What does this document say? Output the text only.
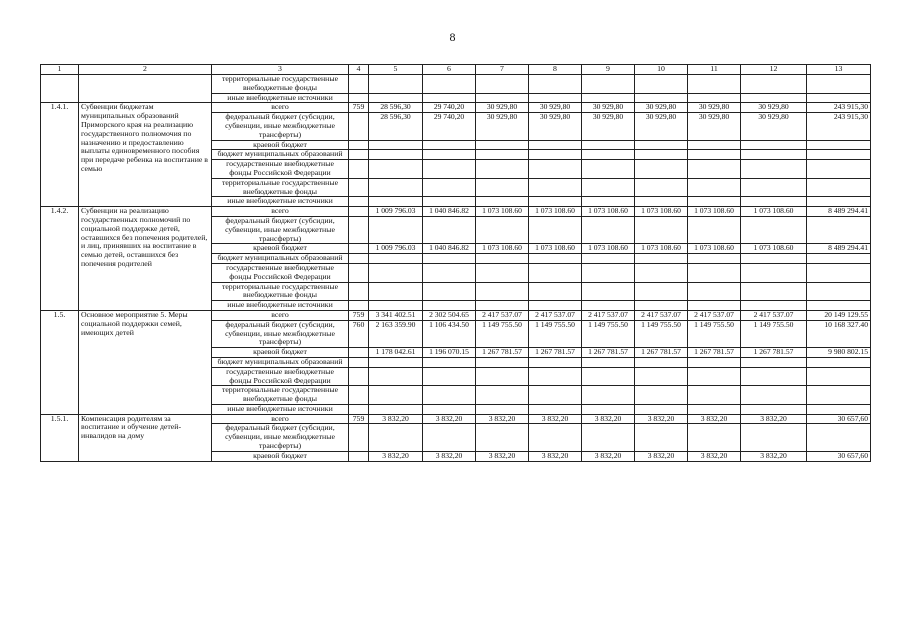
8
1	2	3	4	5	6	7	8	9	10	11	12	13
		территориальные государственные внебюджетные фонды										
		иные внебюджетные источники										
1.4.1.	Субвенции бюджетам муниципальных образований Приморского края на реализацию государственного полномочия по назначению и предоставлению выплаты единовременного пособия при передаче ребенка на воспитание в семью	всего	759	28 596,30	29 740,20	30 929,80	30 929,80	30 929,80	30 929,80	30 929,80	30 929,80	243 915,30
		федеральный бюджет (субсидии, субвенции, иные межбюджетные трансферты)		28 596,30	29 740,20	30 929,80	30 929,80	30 929,80	30 929,80	30 929,80	30 929,80	243 915,30
		краевой бюджет										
		бюджет муниципальных образований										
		государственные внебюджетные фонды Российской Федерации										
		территориальные государственные внебюджетные фонды										
		иные внебюджетные источники										
1.4.2.	Субвенции на реализацию государственных полномочий по социальной поддержке детей, оставшихся без попечения родителей, и лиц, принявших на воспитание в семью детей, оставшихся без попечения родителей	всего		1 009 796.03	1 040 846.82	1 073 108.60	1 073 108.60	1 073 108.60	1 073 108.60	1 073 108.60	1 073 108.60	8 489 294.41
		федеральный бюджет (субсидии, субвенции, иные межбюджетные трансферты)										
		краевой бюджет		1 009 796.03	1 040 846.82	1 073 108.60	1 073 108.60	1 073 108.60	1 073 108.60	1 073 108.60	1 073 108.60	8 489 294.41
		бюджет муниципальных образований										
		государственные внебюджетные фонды Российской Федерации										
		территориальные государственные внебюджетные фонды										
		иные внебюджетные источники										
1.5.	Основное мероприятие 5. Меры социальной поддержки семей, имеющих детей	всего	759	3 341 402.51	2 302 504.65	2 417 537.07	2 417 537.07	2 417 537.07	2 417 537.07	2 417 537.07	2 417 537.07	20 149 129.55
		федеральный бюджет (субсидии, субвенции, иные межбюджетные трансферты)	760	2 163 359.90	1 106 434.50	1 149 755.50	1 149 755.50	1 149 755.50	1 149 755.50	1 149 755.50	1 149 755.50	10 168 327.40
		краевой бюджет		1 178 042.61	1 196 070.15	1 267 781.57	1 267 781.57	1 267 781.57	1 267 781.57	1 267 781.57	1 267 781.57	9 980 802.15
		бюджет муниципальных образований										
		государственные внебюджетные фонды Российской Федерации										
		территориальные государственные внебюджетные фонды										
		иные внебюджетные источники										
1.5.1.	Компенсация родителям за воспитание и обучение детей-инвалидов на дому	всего	759	3 832,20	3 832,20	3 832,20	3 832,20	3 832,20	3 832,20	3 832,20	3 832,20	30 657,60
		федеральный бюджет (субсидии, субвенции, иные межбюджетные трансферты)										
		краевой бюджет		3 832,20	3 832,20	3 832,20	3 832,20	3 832,20	3 832,20	3 832,20	3 832,20	30 657,60
